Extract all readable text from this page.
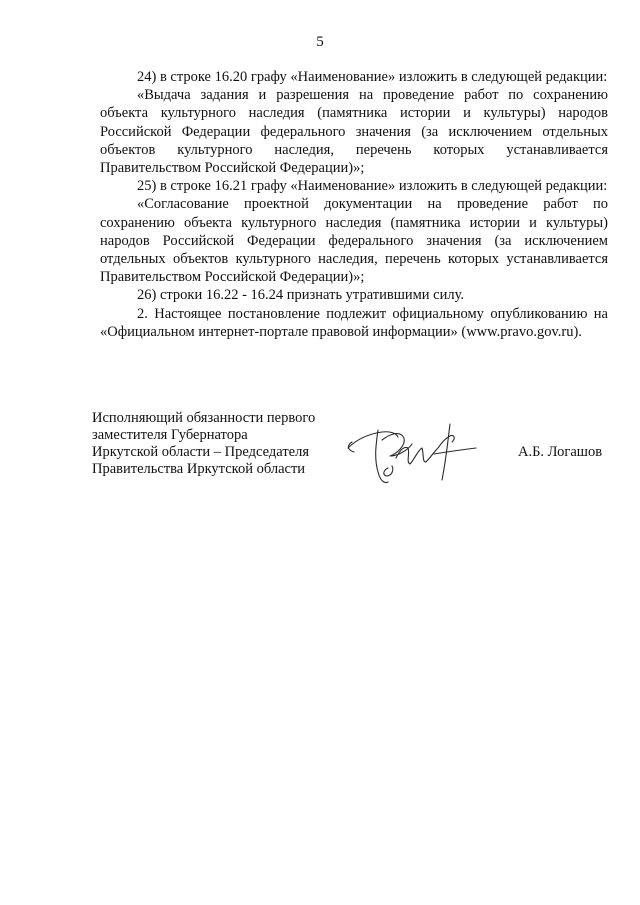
5

24) в строке 16.20 графу «Наименование» изложить в следующей редакции:

«Выдача задания и разрешения на проведение работ по сохранению объекта культурного наследия (памятника истории и культуры) народов Российской Федерации федерального значения (за исключением отдельных объектов культурного наследия, перечень которых устанавливается Правительством Российской Федерации)»;

25) в строке 16.21 графу «Наименование» изложить в следующей редакции:

«Согласование проектной документации на проведение работ по сохранению объекта культурного наследия (памятника истории и культуры) народов Российской Федерации федерального значения (за исключением отдельных объектов культурного наследия, перечень которых устанавливается Правительством Российской Федерации)»;

26) строки 16.22 - 16.24 признать утратившими силу.

2. Настоящее постановление подлежит официальному опубликованию на «Официальном интернет-портале правовой информации» (www.pravo.gov.ru).

Исполняющий обязанности первого
заместителя Губернатора
Иркутской области – Председателя
Правительства Иркутской области
А.Б. Логашов
